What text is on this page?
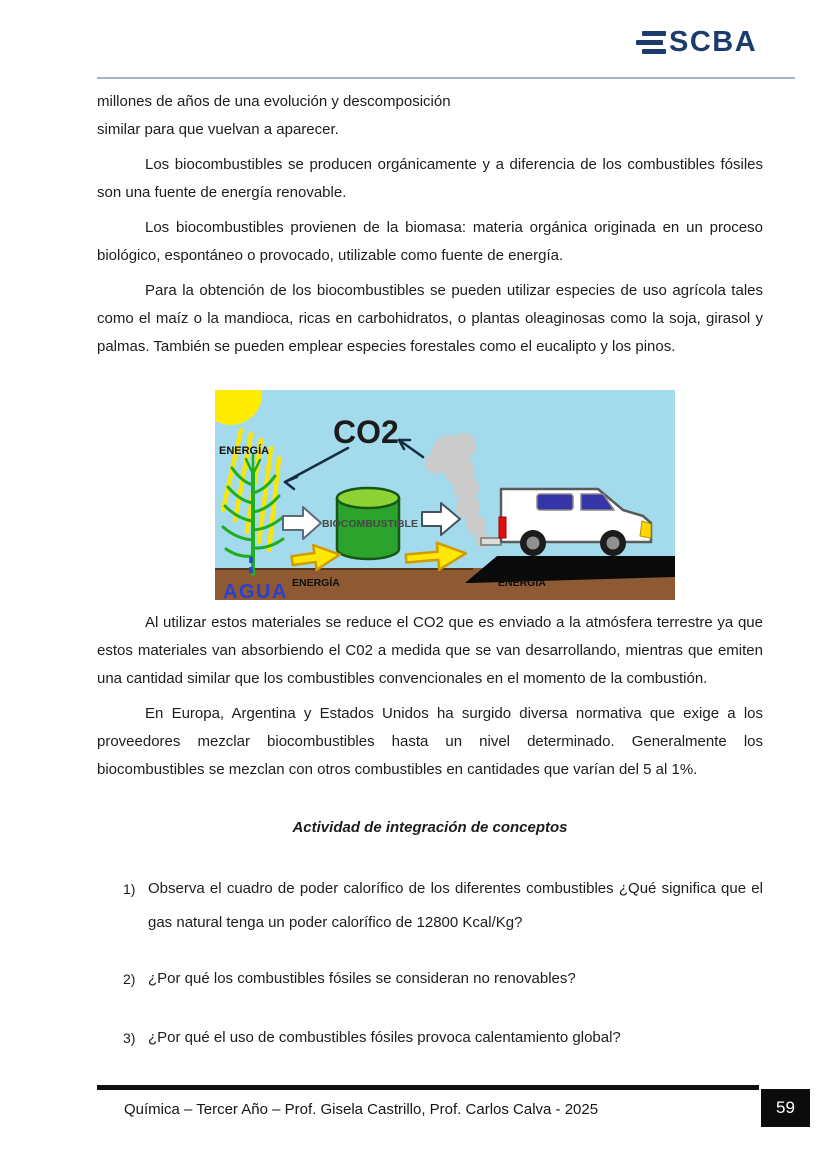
SCBA

millones de años de una evolución y descomposición

similar para que vuelvan a aparecer.

Los biocombustibles se producen orgánicamente y a diferencia de los combustibles fósiles son una fuente de energía renovable.

Los biocombustibles provienen de la biomasa: materia orgánica originada en un proceso biológico, espontáneo o provocado, utilizable como fuente de energía.

Para la obtención de los biocombustibles se pueden utilizar especies de uso agrícola tales como el maíz o la mandioca, ricas en carbohidratos, o plantas oleaginosas como la soja, girasol y palmas. También se pueden emplear especies forestales como el eucalipto y los pinos.

CO2
ENERGÍA
BIOCOMBUSTIBLE
ENERGÍA	ENERGÍA
AGUA

Al utilizar estos materiales se reduce el CO2 que es enviado a la atmósfera terrestre ya que estos materiales van absorbiendo el C02 a medida que se van desarrollando, mientras que emiten una cantidad similar que los combustibles convencionales en el momento de la combustión.

En Europa, Argentina y Estados Unidos ha surgido diversa normativa que exige a los proveedores mezclar biocombustibles hasta un nivel determinado. Generalmente los biocombustibles se mezclan con otros combustibles en cantidades que varían del 5 al 1%.

Actividad de integración de conceptos
1) Observa el cuadro de poder calorífico de los diferentes combustibles ¿Qué significa que el gas natural tenga un poder calorífico de 12800 Kcal/Kg?
2) ¿Por qué los combustibles fósiles se consideran no renovables?
3) ¿Por qué el uso de combustibles fósiles provoca calentamiento global?
Química – Tercer Año – Prof. Gisela Castrillo, Prof. Carlos Calva - 2025	59
